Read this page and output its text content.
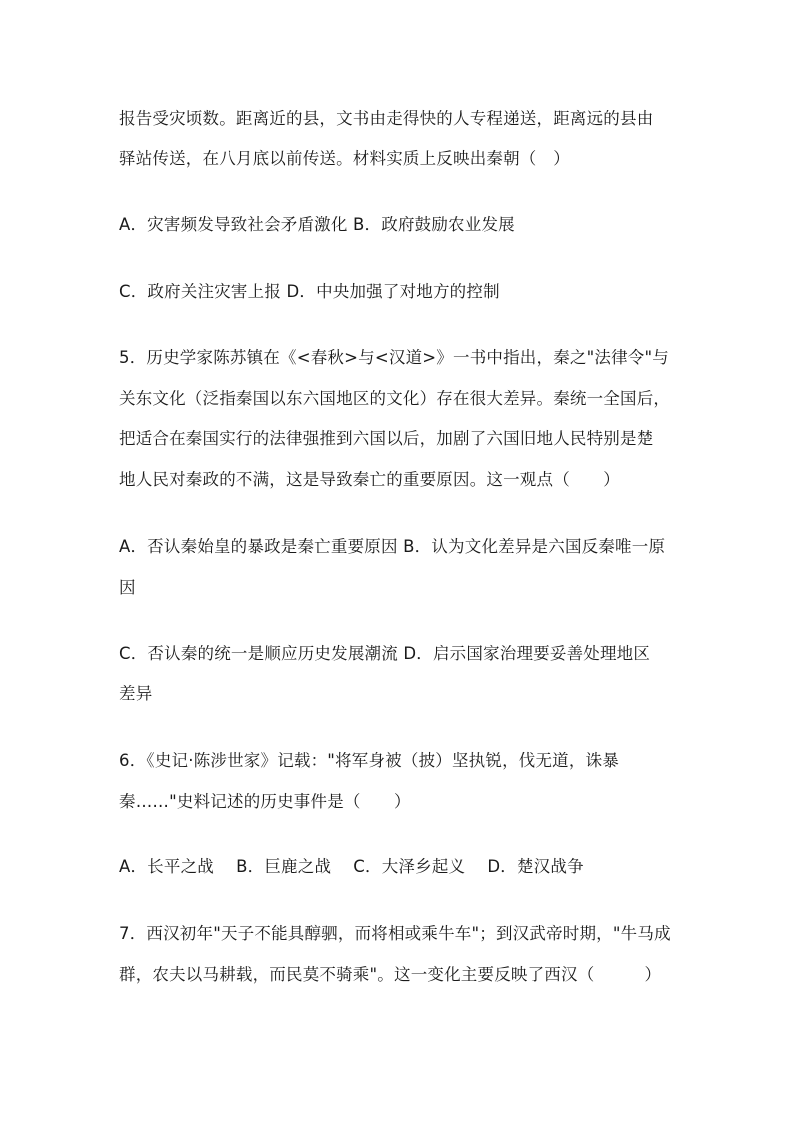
报告受灾顷数。距离近的县，文书由走得快的人专程递送，距离远的县由
驿站传送，在八月底以前传送。材料实质上反映出秦朝（　）
A．灾害频发导致社会矛盾激化 B．政府鼓励农业发展
C．政府关注灾害上报 D．中央加强了对地方的控制
5．历史学家陈苏镇在《<春秋>与<汉道>》一书中指出，秦之"法律令"与
关东文化（泛指秦国以东六国地区的文化）存在很大差异。秦统一全国后，
把适合在秦国实行的法律强推到六国以后，加剧了六国旧地人民特别是楚
地人民对秦政的不满，这是导致秦亡的重要原因。这一观点（　　）
A．否认秦始皇的暴政是秦亡重要原因 B．认为文化差异是六国反秦唯一原
因
C．否认秦的统一是顺应历史发展潮流 D．启示国家治理要妥善处理地区
差异
6．《史记·陈涉世家》记载："将军身被（披）坚执锐，伐无道，诛暴
秦……"史料记述的历史事件是（　　）
A．长平之战　 B．巨鹿之战　 C．大泽乡起义　 D．楚汉战争
7．西汉初年"天子不能具醇驷，而将相或乘牛车"；到汉武帝时期，"牛马成
群，农夫以马耕载，而民莫不骑乘"。这一变化主要反映了西汉（　　　）
